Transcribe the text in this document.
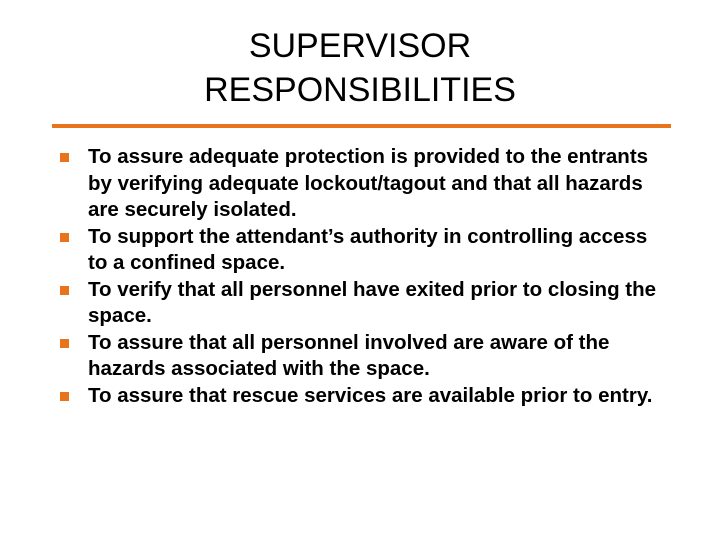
SUPERVISOR
RESPONSIBILITIES
To assure adequate protection is provided to the entrants by verifying adequate lockout/tagout and that all hazards are securely isolated.
To support the attendant’s authority in controlling access to a confined space.
To verify that all personnel have exited prior to closing the space.
To assure that all personnel involved are aware of the hazards associated with the space.
To assure that rescue services are available prior to entry.
